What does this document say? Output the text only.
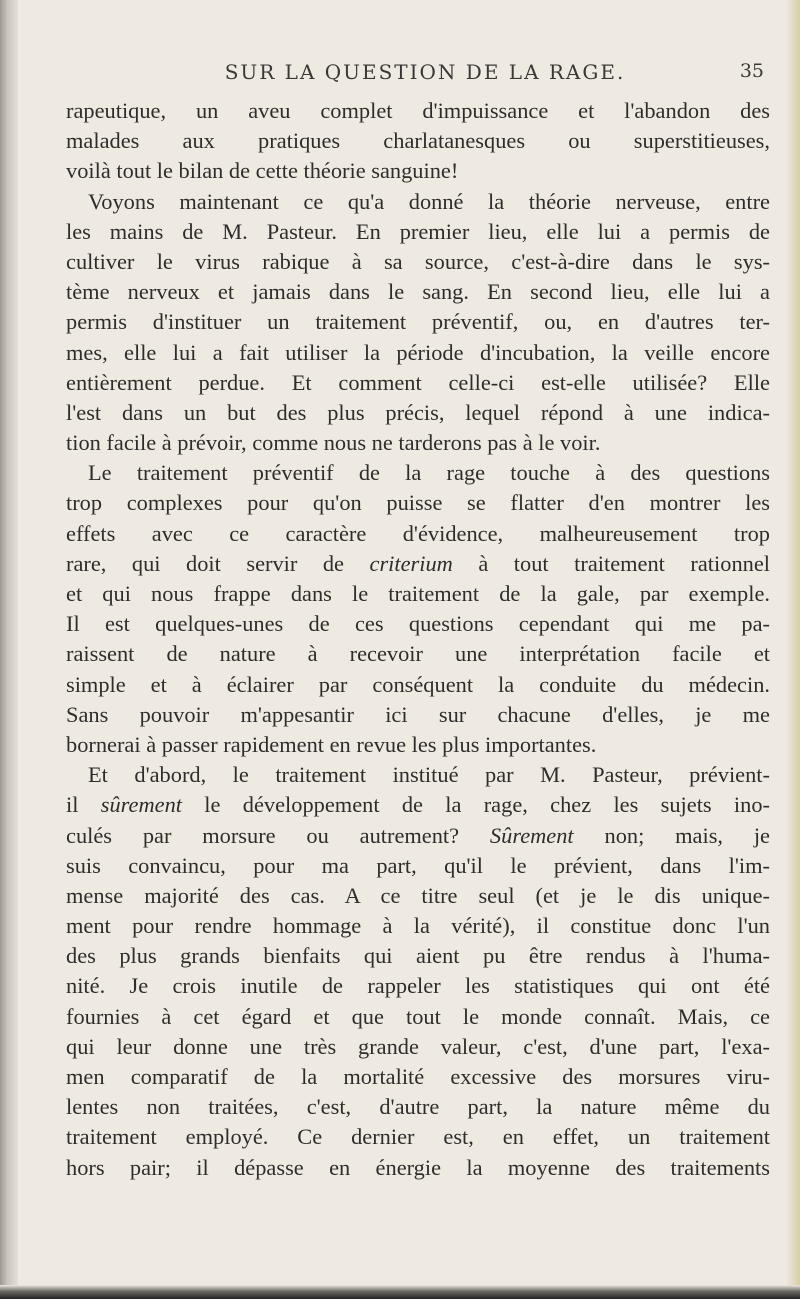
SUR LA QUESTION DE LA RAGE.	35
rapeutique, un aveu complet d'impuissance et l'abandon des
malades aux pratiques charlatanesques ou superstitieuses,
voilà tout le bilan de cette théorie sanguine!
Voyons maintenant ce qu'a donné la théorie nerveuse, entre
les mains de M. Pasteur. En premier lieu, elle lui a permis de
cultiver le virus rabique à sa source, c'est-à-dire dans le sys-
tème nerveux et jamais dans le sang. En second lieu, elle lui a
permis d'instituer un traitement préventif, ou, en d'autres ter-
mes, elle lui a fait utiliser la période d'incubation, la veille encore
entièrement perdue. Et comment celle-ci est-elle utilisée? Elle
l'est dans un but des plus précis, lequel répond à une indica-
tion facile à prévoir, comme nous ne tarderons pas à le voir.
Le traitement préventif de la rage touche à des questions
trop complexes pour qu'on puisse se flatter d'en montrer les
effets avec ce caractère d'évidence, malheureusement trop
rare, qui doit servir de criterium à tout traitement rationnel
et qui nous frappe dans le traitement de la gale, par exemple.
Il est quelques-unes de ces questions cependant qui me pa-
raissent de nature à recevoir une interprétation facile et
simple et à éclairer par conséquent la conduite du médecin.
Sans pouvoir m'appesantir ici sur chacune d'elles, je me
bornerai à passer rapidement en revue les plus importantes.
Et d'abord, le traitement institué par M. Pasteur, prévient-
il sûrement le développement de la rage, chez les sujets ino-
culés par morsure ou autrement? Sûrement non; mais, je
suis convaincu, pour ma part, qu'il le prévient, dans l'im-
mense majorité des cas. A ce titre seul (et je le dis unique-
ment pour rendre hommage à la vérité), il constitue donc l'un
des plus grands bienfaits qui aient pu être rendus à l'huma-
nité. Je crois inutile de rappeler les statistiques qui ont été
fournies à cet égard et que tout le monde connaît. Mais, ce
qui leur donne une très grande valeur, c'est, d'une part, l'exa-
men comparatif de la mortalité excessive des morsures viru-
lentes non traitées, c'est, d'autre part, la nature même du
traitement employé. Ce dernier est, en effet, un traitement
hors pair; il dépasse en énergie la moyenne des traitements
